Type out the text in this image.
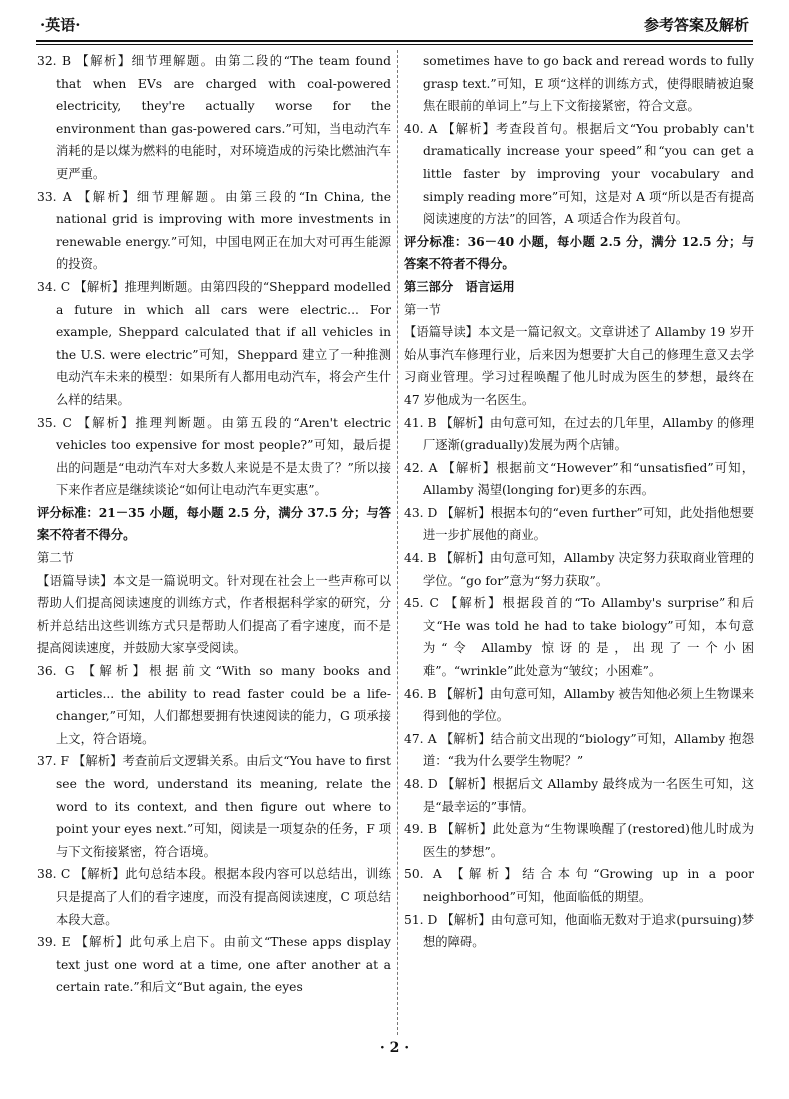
·英语·	参考答案及解析

32. B 【解析】细节理解题。由第二段的“The team found that when EVs are charged with coal-powered electricity, they're actually worse for the environment than gas-powered cars.”可知，当电动汽车消耗的是以煤为燃料的电能时，对环境造成的污染比燃油汽车更严重。

33. A 【解析】细节理解题。由第三段的“In China, the national grid is improving with more investments in renewable energy.”可知，中国电网正在加大对可再生能源的投资。

34. C 【解析】推理判断题。由第四段的“Sheppard modelled a future in which all cars were electric... For example, Sheppard calculated that if all vehicles in the U.S. were electric”可知，Sheppard 建立了一种推测电动汽车未来的模型：如果所有人都用电动汽车，将会产生什么样的结果。

35. C 【解析】推理判断题。由第五段的“Aren't electric vehicles too expensive for most people?”可知，最后提出的问题是“电动汽车对大多数人来说是不是太贵了？”所以接下来作者应是继续谈论“如何让电动汽车更实惠”。

评分标准：21－35 小题，每小题 2.5 分，满分 37.5 分；与答案不符者不得分。

第二节

【语篇导读】本文是一篇说明文。针对现在社会上一些声称可以帮助人们提高阅读速度的训练方式，作者根据科学家的研究，分析并总结出这些训练方式只是帮助人们提高了看字速度，而不是提高阅读速度，并鼓励大家享受阅读。

36. G 【解析】根据前文“With so many books and articles... the ability to read faster could be a life-changer,”可知，人们都想要拥有快速阅读的能力，G 项承接上文，符合语境。

37. F 【解析】考查前后文逻辑关系。由后文“You have to first see the word, understand its meaning, relate the word to its context, and then figure out where to point your eyes next.”可知，阅读是一项复杂的任务，F 项与下文衔接紧密，符合语境。

38. C 【解析】此句总结本段。根据本段内容可以总结出，训练只是提高了人们的看字速度，而没有提高阅读速度，C 项总结本段大意。

39. E 【解析】此句承上启下。由前文“These apps display text just one word at a time, one after another at a certain rate.”和后文“But again, the eyes

sometimes have to go back and reread words to fully grasp text.”可知，E 项“这样的训练方式，使得眼睛被迫聚焦在眼前的单词上”与上下文衔接紧密，符合文意。

40. A 【解析】考查段首句。根据后文“You probably can't dramatically increase your speed”和“you can get a little faster by improving your vocabulary and simply reading more”可知，这是对 A 项“所以是否有提高阅读速度的方法”的回答，A 项适合作为段首句。

评分标准：36－40 小题，每小题 2.5 分，满分 12.5 分；与答案不符者不得分。

第三部分　语言运用

第一节

【语篇导读】本文是一篇记叙文。文章讲述了 Allamby 19 岁开始从事汽车修理行业，后来因为想要扩大自己的修理生意又去学习商业管理。学习过程唤醒了他儿时成为医生的梦想，最终在 47 岁他成为一名医生。

41. B 【解析】由句意可知，在过去的几年里，Allamby 的修理厂逐渐(gradually)发展为两个店铺。

42. A 【解析】根据前文“However”和“unsatisfied”可知，Allamby 渴望(longing for)更多的东西。

43. D 【解析】根据本句的“even further”可知，此处指他想要进一步扩展他的商业。

44. B 【解析】由句意可知，Allamby 决定努力获取商业管理的学位。“go for”意为“努力获取”。

45. C 【解析】根据段首的“To Allamby's surprise”和后文“He was told he had to take biology”可知，本句意为“令 Allamby 惊讶的是，出现了一个小困难”。“wrinkle”此处意为“皱纹；小困难”。

46. B 【解析】由句意可知，Allamby 被告知他必须上生物课来得到他的学位。

47. A 【解析】结合前文出现的“biology”可知，Allamby 抱怨道：“我为什么要学生物呢？”

48. D 【解析】根据后文 Allamby 最终成为一名医生可知，这是“最幸运的”事情。

49. B 【解析】此处意为“生物课唤醒了(restored)他儿时成为医生的梦想”。

50. A 【解析】结合本句“Growing up in a poor neighborhood”可知，他面临低的期望。

51. D 【解析】由句意可知，他面临无数对于追求(pursuing)梦想的障碍。

· 2 ·
